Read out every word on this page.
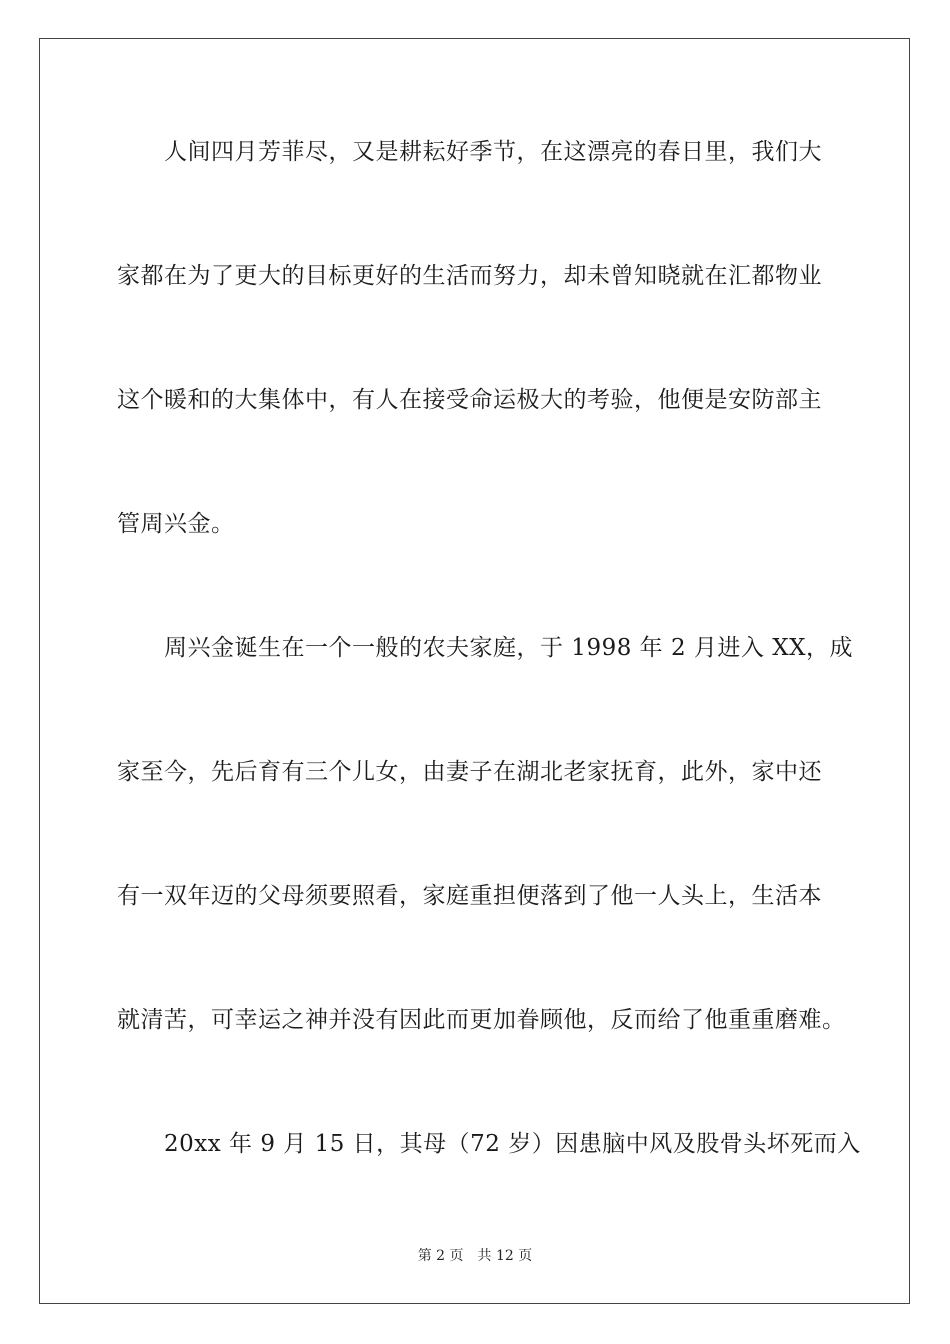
人间四月芳菲尽，又是耕耘好季节，在这漂亮的春日里，我们大
家都在为了更大的目标更好的生活而努力，却未曾知晓就在汇都物业
这个暖和的大集体中，有人在接受命运极大的考验，他便是安防部主
管周兴金。
周兴金诞生在一个一般的农夫家庭，于 1998 年 2 月进入 XX，成
家至今，先后育有三个儿女，由妻子在湖北老家抚育，此外，家中还
有一双年迈的父母须要照看，家庭重担便落到了他一人头上，生活本
就清苦，可幸运之神并没有因此而更加眷顾他，反而给了他重重磨难。
20xx 年 9 月 15 日，其母（72 岁）因患脑中风及股骨头坏死而入
第 2 页 共 12 页
